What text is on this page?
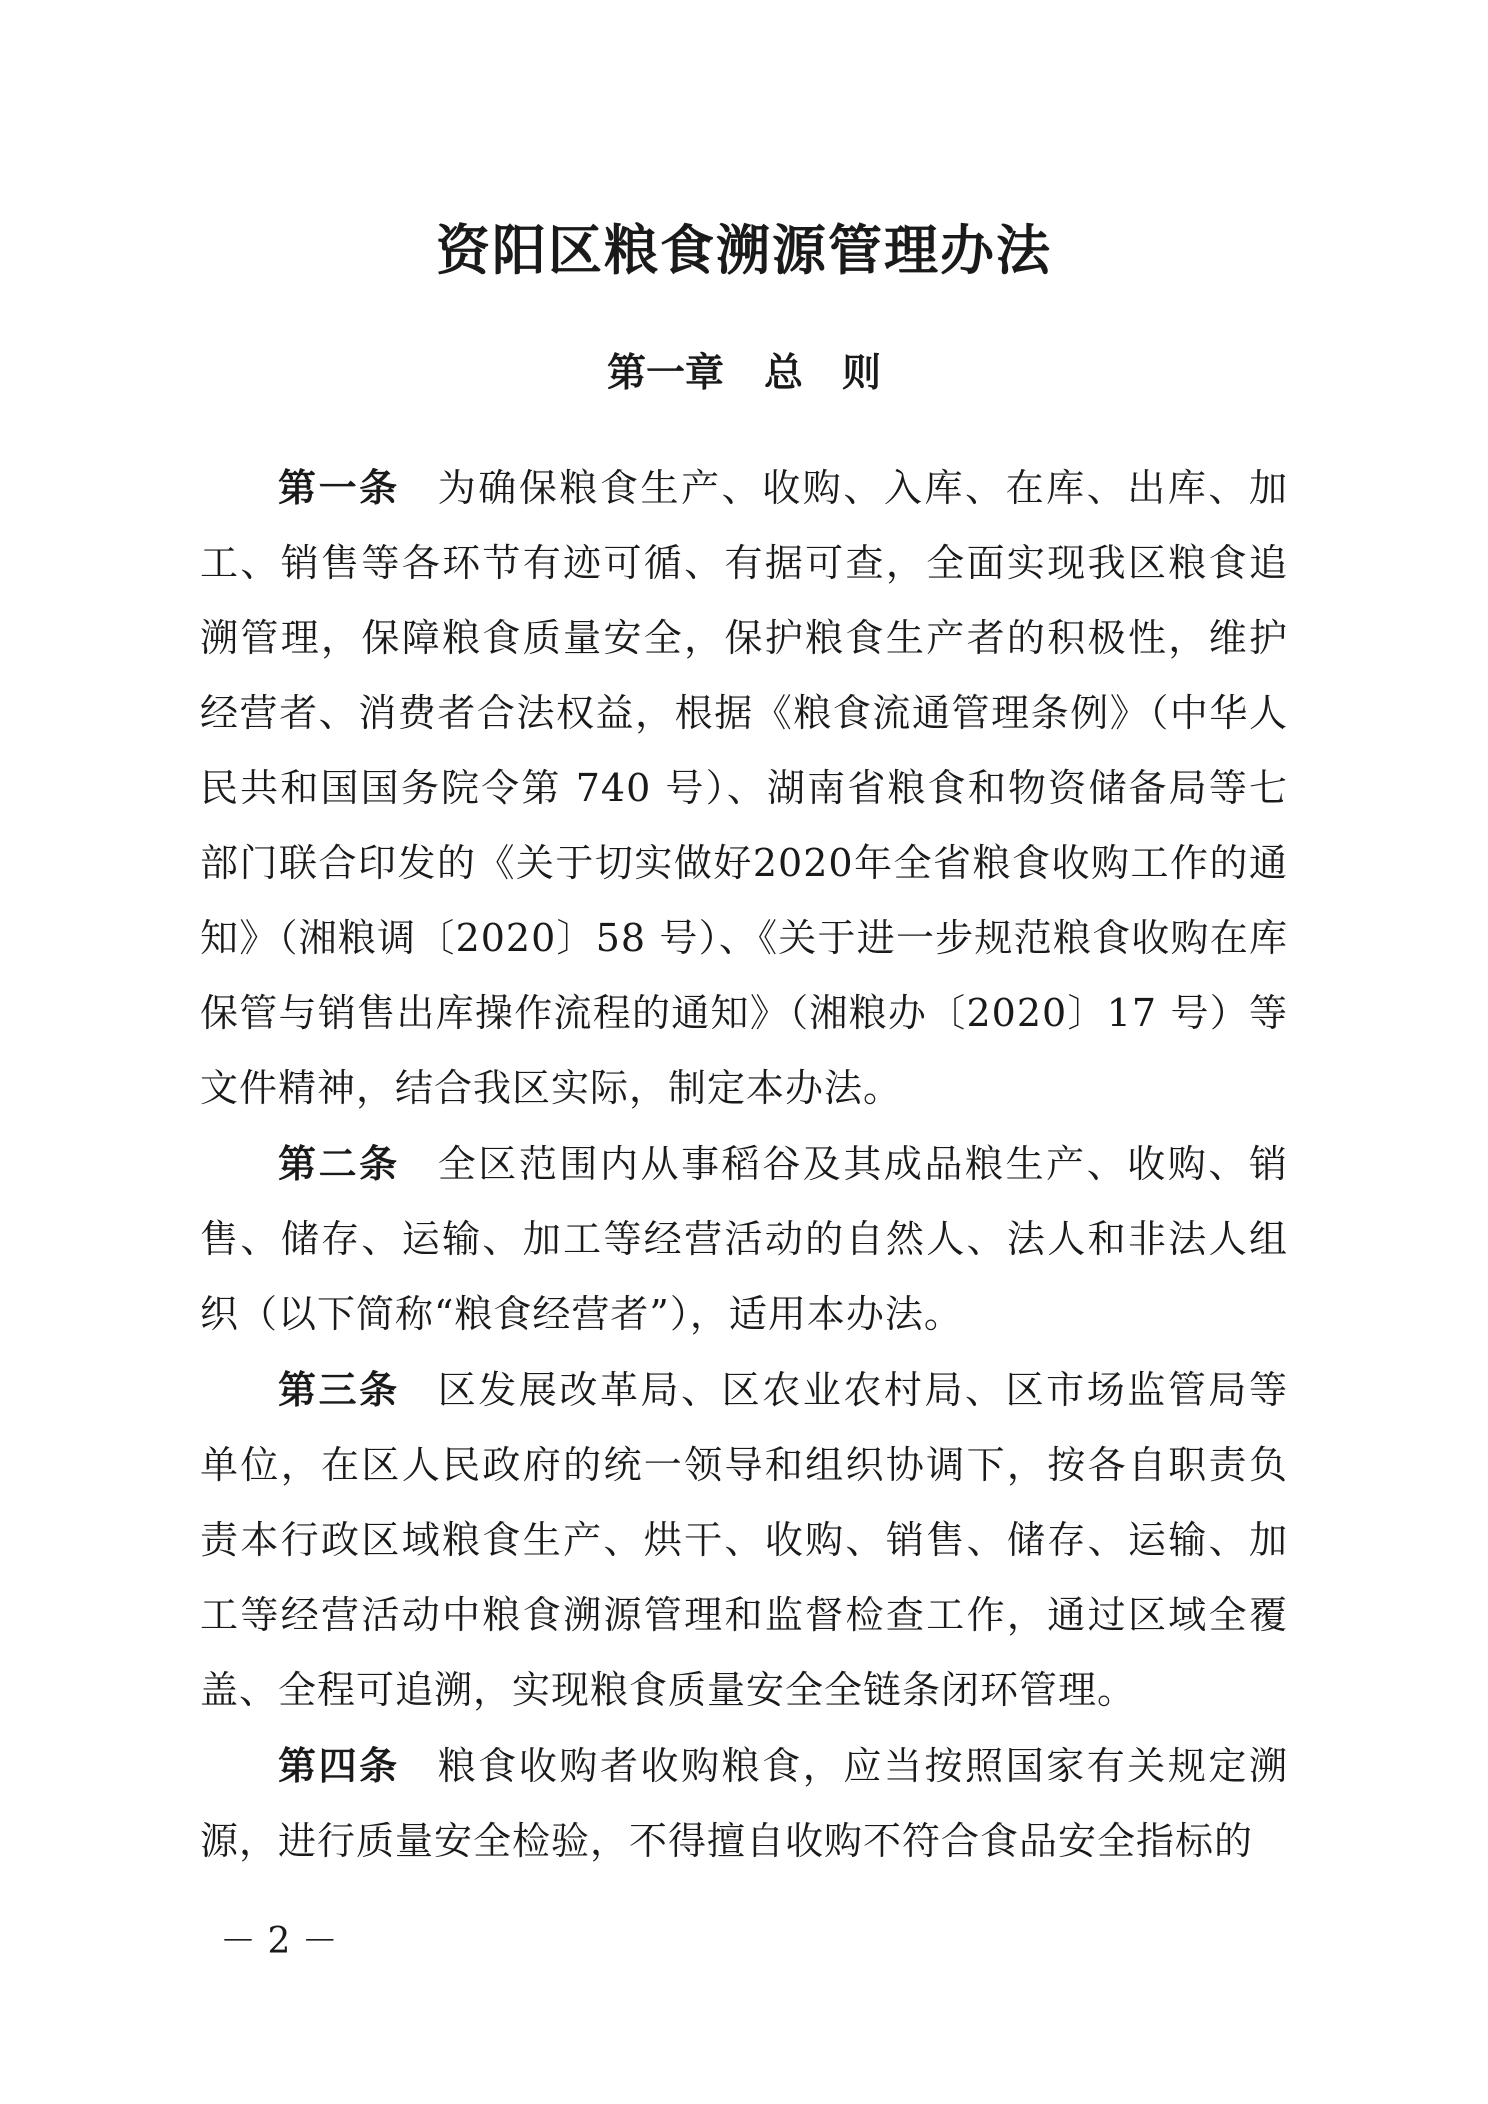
资阳区粮食溯源管理办法
第一章 总　则

第一条 为确保粮食生产、收购、入库、在库、出库、加工、销售等各环节有迹可循、有据可查，全面实现我区粮食追溯管理，保障粮食质量安全，保护粮食生产者的积极性，维护经营者、消费者合法权益，根据《粮食流通管理条例》（中华人民共和国国务院令第 740 号）、湖南省粮食和物资储备局等七部门联合印发的《关于切实做好2020年全省粮食收购工作的通知》（湘粮调〔2020〕58 号）、《关于进一步规范粮食收购在库保管与销售出库操作流程的通知》（湘粮办〔2020〕17 号）等文件精神，结合我区实际，制定本办法。

第二条 全区范围内从事稻谷及其成品粮生产、收购、销售、储存、运输、加工等经营活动的自然人、法人和非法人组织（以下简称“粮食经营者”），适用本办法。

第三条 区发展改革局、区农业农村局、区市场监管局等单位，在区人民政府的统一领导和组织协调下，按各自职责负责本行政区域粮食生产、烘干、收购、销售、储存、运输、加工等经营活动中粮食溯源管理和监督检查工作，通过区域全覆盖、全程可追溯，实现粮食质量安全全链条闭环管理。

第四条 粮食收购者收购粮食，应当按照国家有关规定溯源，进行质量安全检验，不得擅自收购不符合食品安全指标的

－ 2 －
